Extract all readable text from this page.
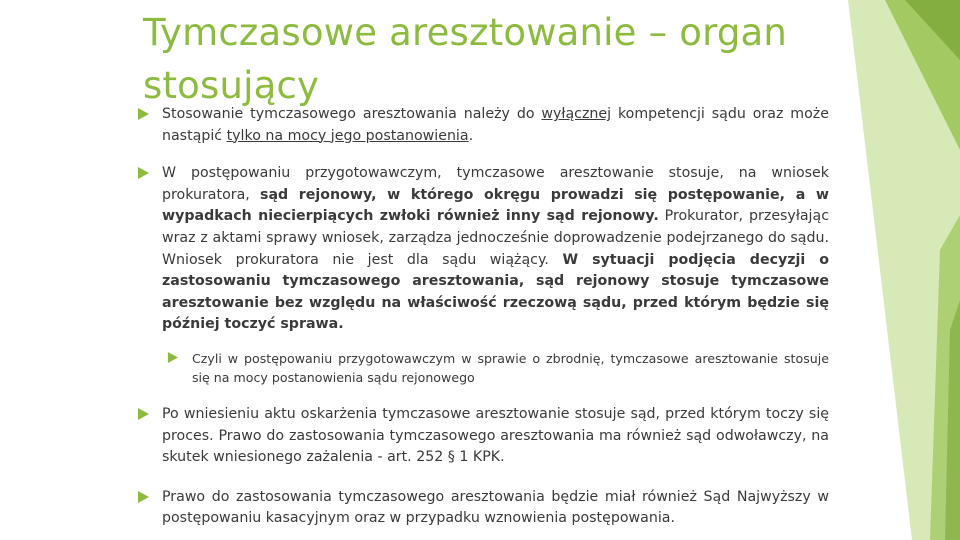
Tymczasowe aresztowanie – organ stosujący
Stosowanie tymczasowego aresztowania należy do wyłącznej kompetencji sądu oraz może nastąpić tylko na mocy jego postanowienia.
W postępowaniu przygotowawczym, tymczasowe aresztowanie stosuje, na wniosek prokuratora, sąd rejonowy, w którego okręgu prowadzi się postępowanie, a w wypadkach niecierpiących zwłoki również inny sąd rejonowy. Prokurator, przesyłając wraz z aktami sprawy wniosek, zarządza jednocześnie doprowadzenie podejrzanego do sądu. Wniosek prokuratora nie jest dla sądu wiążący. W sytuacji podjęcia decyzji o zastosowaniu tymczasowego aresztowania, sąd rejonowy stosuje tymczasowe aresztowanie bez względu na właściwość rzeczową sądu, przed którym będzie się później toczyć sprawa.
Czyli w postępowaniu przygotowawczym w sprawie o zbrodnię, tymczasowe aresztowanie stosuje się na mocy postanowienia sądu rejonowego
Po wniesieniu aktu oskarżenia tymczasowe aresztowanie stosuje sąd, przed którym toczy się proces. Prawo do zastosowania tymczasowego aresztowania ma również sąd odwoławczy, na skutek wniesionego zażalenia - art. 252 § 1 KPK.
Prawo do zastosowania tymczasowego aresztowania będzie miał również Sąd Najwyższy w postępowaniu kasacyjnym oraz w przypadku wznowienia postępowania.
